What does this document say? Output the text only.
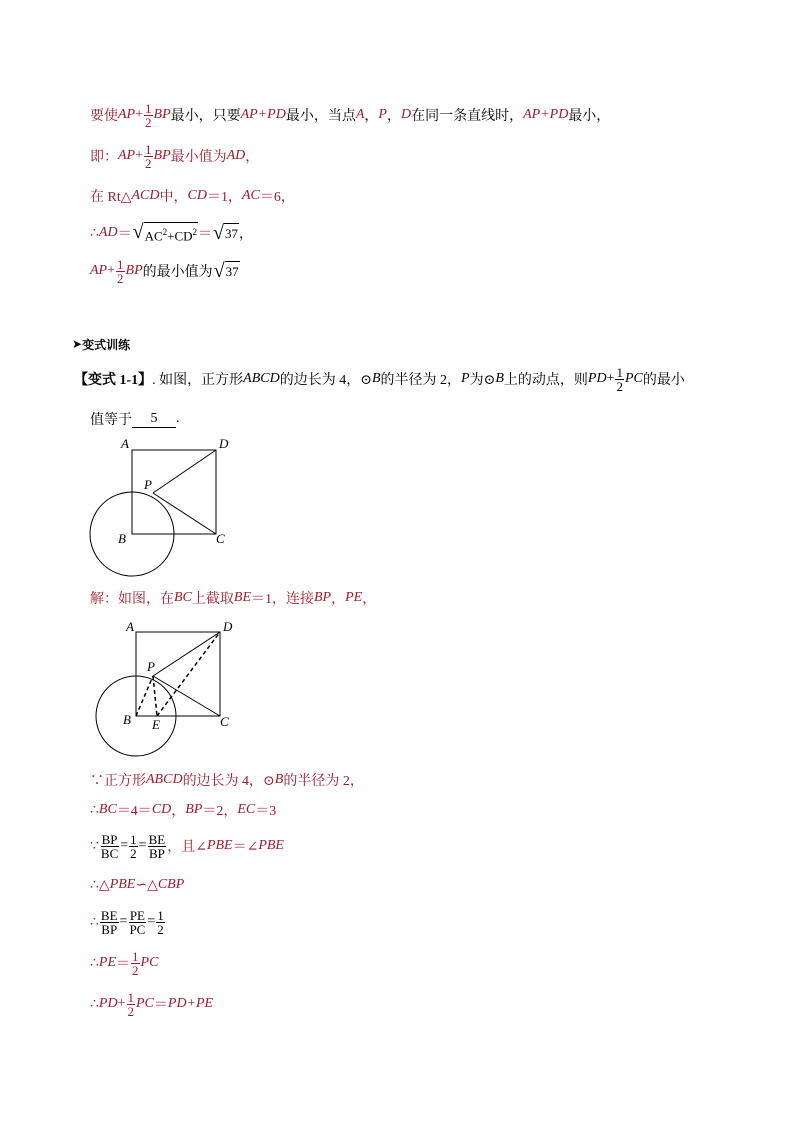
要使 AP + $\frac{1}{2}$ BP 最小，只要 AP+PD 最小，当点 A ， P ， D 在同一条直线时， AP+PD 最小，
即： AP + $\frac{1}{2}$ BP 最小值为 AD ，
在 Rt△ ACD 中， CD ＝1， AC ＝6，
∴ AD ＝ √ $AC^2+CD^2$ ＝ √ 37 ，
AP + $\frac{1}{2}$ BP 的最小值为 √ 37
➤ 变式训练
【变式 1-1】 . 如图，正方形 ABCD 的边长为 4，⊙ B 的半径为 2， P 为⊙ B 上的动点，则 PD + $\frac{1}{2}$ PC 的最小
值等于	5	.
A	D
P
B	C
解：如图，在 BC 上截取 BE ＝1，连接 BP ， PE ，
A	D
P
B E	C
∵正方形 ABCD 的边长为 4，⊙ B 的半径为 2，
∴ BC ＝4＝ CD ， BP ＝2， EC ＝3
∵ $\frac{BP}{BC} = \frac{1}{2} = \frac{BE}{BP}$ ，且∠ PBE ＝∠ PBE
∴△ PBE ∽△ CBP
∴ $\frac{BE}{BP} = \frac{PE}{PC} = \frac{1}{2}$
∴ PE ＝ $\frac{1}{2}$ PC
∴ PD + $\frac{1}{2}$ PC ＝ PD+PE
